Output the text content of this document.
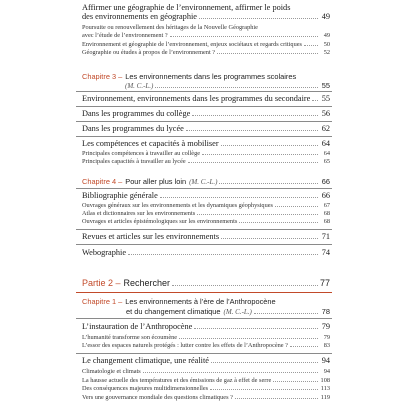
Affirmer une géographie de l’environnement, affirmer le poids
des environnements en géographie	49
Poursuite ou renouvellement des héritages de la Nouvelle Géographie
avec l’étude de l’environnement ?	49
Environnement et géographie de l’environnement, enjeux sociétaux et regards critiques	50
Géographie ou études à propos de l’environnement ?	52
Chapitre 3 – Les environnements dans les programmes scolaires
(M. C.-L.)	55
Environnement, environnements dans les programmes du secondaire 55
Dans les programmes du collège	56
Dans les programmes du lycée	62
Les compétences et capacités à mobiliser	64
Principales compétences à travailler au collège	64
Principales capacités à travailler au lycée	65
Chapitre 4 – Pour aller plus loin (M. C.-L.)	66
Bibliographie générale	66
Ouvrages généraux sur les environnements et les dynamiques géophysiques	67
Atlas et dictionnaires sur les environnements	68
Ouvrages et articles épistémologiques sur les environnements	68
Revues et articles sur les environnements	71
Webographie	74
Partie 2 – Rechercher	77
Chapitre 1 – Les environnements à l’ère de l’Anthropocène
et du changement climatique (M. C.-L.)	78
L’instauration de l’Anthropocène	79
L’humanité transforme son écoumène	79
L’essor des espaces naturels protégés : lutter contre les effets de l’Anthropocène ?	83
Le changement climatique, une réalité	94
Climatologie et climats	94
La hausse actuelle des températures et des émissions de gaz à effet de serre	108
Des conséquences majeures multidimensionnelles	113
Vers une gouvernance mondiale des questions climatiques ?	119
